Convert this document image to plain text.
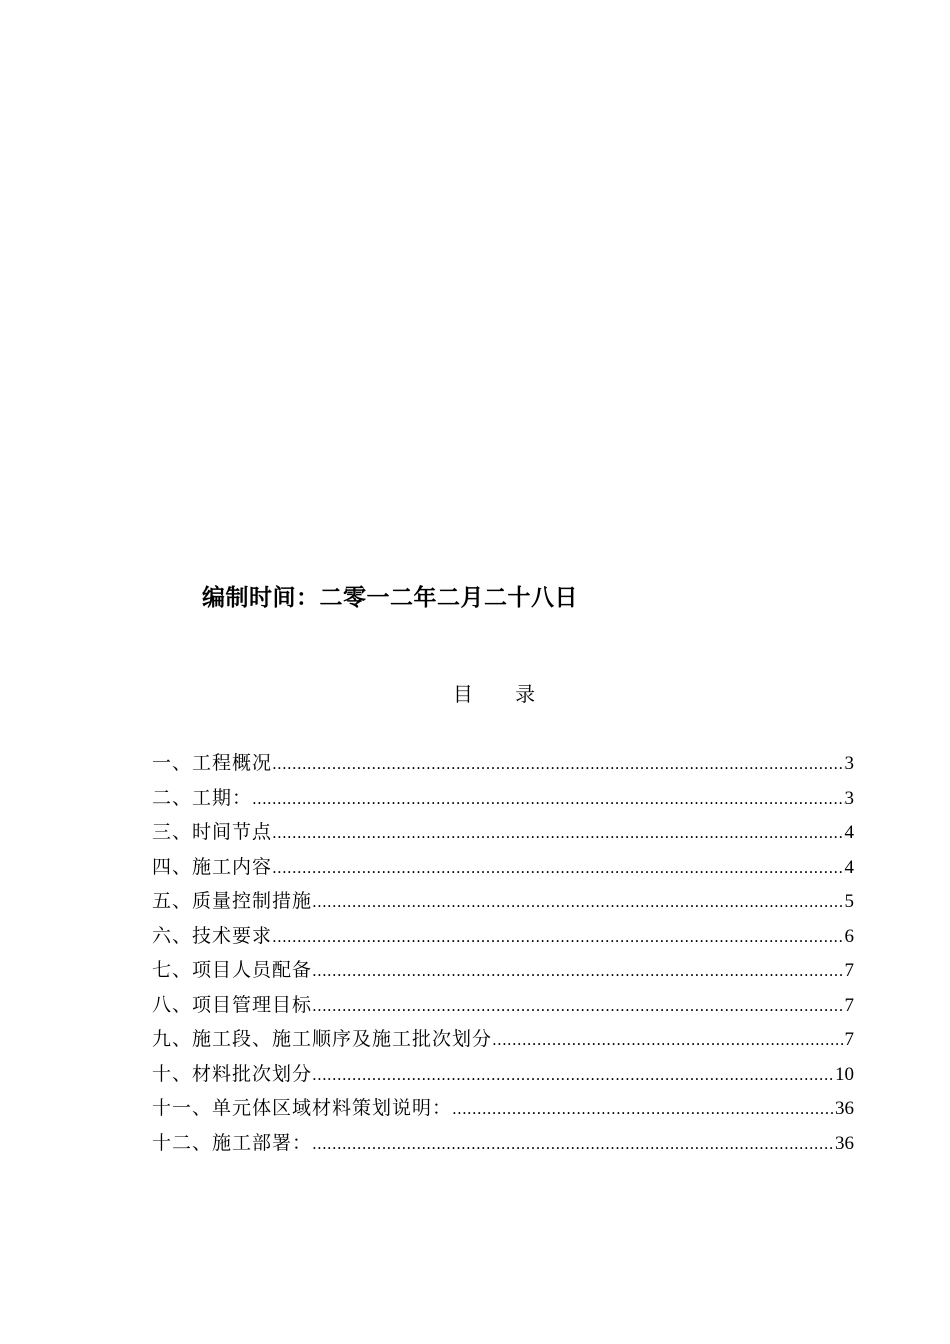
编制时间：二零一二年二月二十八日
目 录
一、工程概况 .....	3
二、工期： .....	3
三、时间节点 .....	4
四、施工内容 .....	4
五、质量控制措施 .....	5
六、技术要求 .....	6
七、项目人员配备 .....	7
八、项目管理目标 .....	7
九、施工段、施工顺序及施工批次划分 .....	7
十、材料批次划分 .....	10
十一、单元体区域材料策划说明： .....	36
十二、施工部署： .....	36
